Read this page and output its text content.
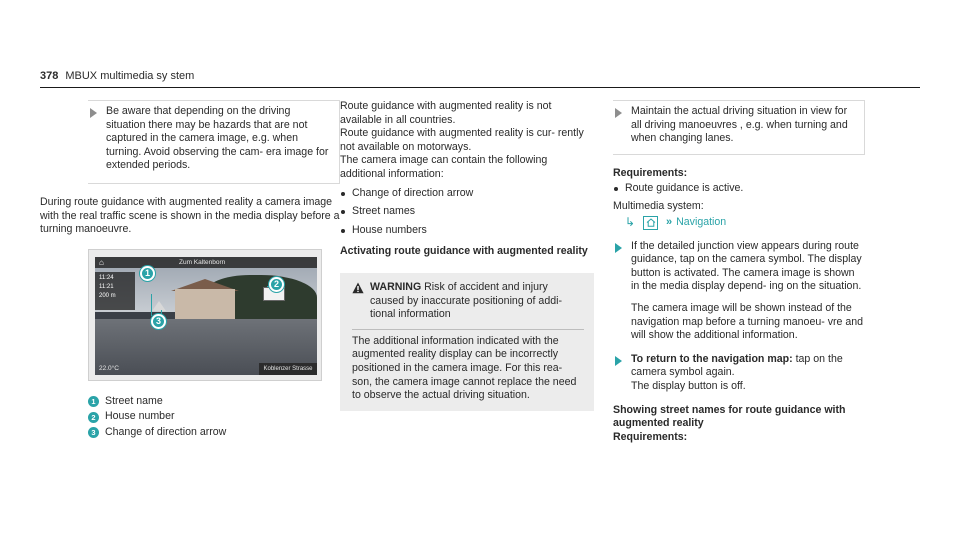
378 MBUX multimedia sy stem

Be aware that depending on the driving situation there may be hazards that are not captured in the camera image, e.g. when turning. Avoid observing the cam- era image for extended periods.

During route guidance with augmented reality a camera image with the real traffic scene is shown in the media display before a turning manoeuvre.

⌂	Zum Kaltenborn
11:24
11:21
200 m
22.0°C	Koblenzer Strasse
1
2
3
1 Street name
2 House number
3 Change of direction arrow

Route guidance with augmented reality is not available in all countries.

Route guidance with augmented reality is cur- rently not available on motorways.

The camera image can contain the following additional information:

Change of direction arrow
Street names
House numbers

Activating route guidance with augmented reality

WARNING Risk of accident and injury caused by inaccurate positioning of addi- tional information

The additional information indicated with the augmented reality display can be incorrectly positioned in the camera image. For this rea- son, the camera image cannot replace the need to observe the actual driving situation.

Maintain the actual driving situation in view for all driving manoeuvres , e.g. when turning and when changing lanes.

Requirements:

Route guidance is active.

Multimedia system:

↳	» Navigation

If the detailed junction view appears during route guidance, tap on the camera symbol. The display button is activated. The camera image is shown in the media display depend- ing on the situation.

The camera image will be shown instead of the navigation map before a turning manoeu- vre and will show the additional information.

To return to the navigation map: tap on the camera symbol again.

The display button is off.

Showing street names for route guidance with augmented reality

Requirements:
